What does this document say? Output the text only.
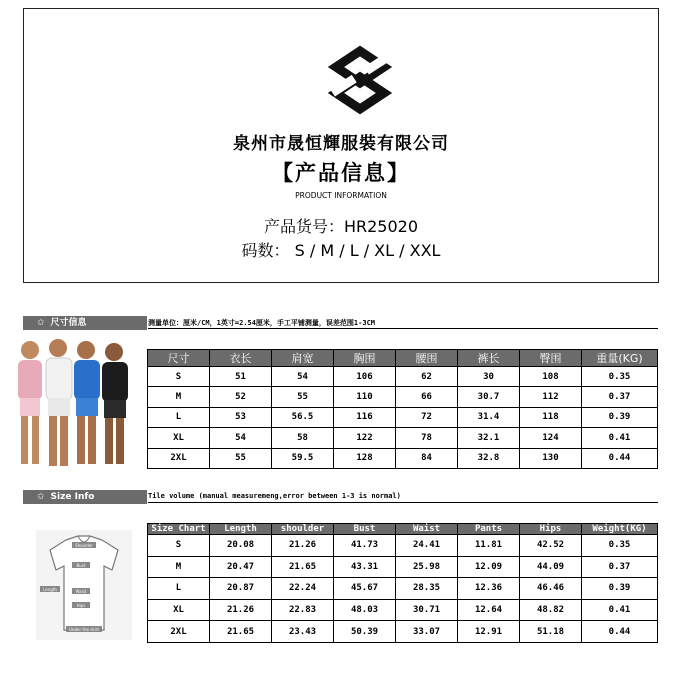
泉州市晟恒輝服裝有限公司
【产品信息】
PRODUCT INFORMATION
产品货号：HR25020
码数： S / M / L / XL / XXL
✩ 尺寸信息	测量单位：厘米/CM，1英寸=2.54厘米，手工平铺测量，误差范围1-3CM
尺寸	衣长	肩宽	胸围	腰围	裤长	臀围	重量(KG)
S	51	54	106	62	30	108	0.35
M	52	55	110	66	30.7	112	0.37
L	53	56.5	116	72	31.4	118	0.39
XL	54	58	122	78	32.1	124	0.41
2XL	55	59.5	128	84	32.8	130	0.44
✩ Size Info	Tile volume (manual measuremeng,error between 1-3 is normal)
Shoulder
Bust
Length	Waist
Hips
Under the skirt
Size Chart	Length	shoulder	Bust	Waist	Pants	Hips	Weight(KG)
S	20.08	21.26	41.73	24.41	11.81	42.52	0.35
M	20.47	21.65	43.31	25.98	12.09	44.09	0.37
L	20.87	22.24	45.67	28.35	12.36	46.46	0.39
XL	21.26	22.83	48.03	30.71	12.64	48.82	0.41
2XL	21.65	23.43	50.39	33.07	12.91	51.18	0.44
